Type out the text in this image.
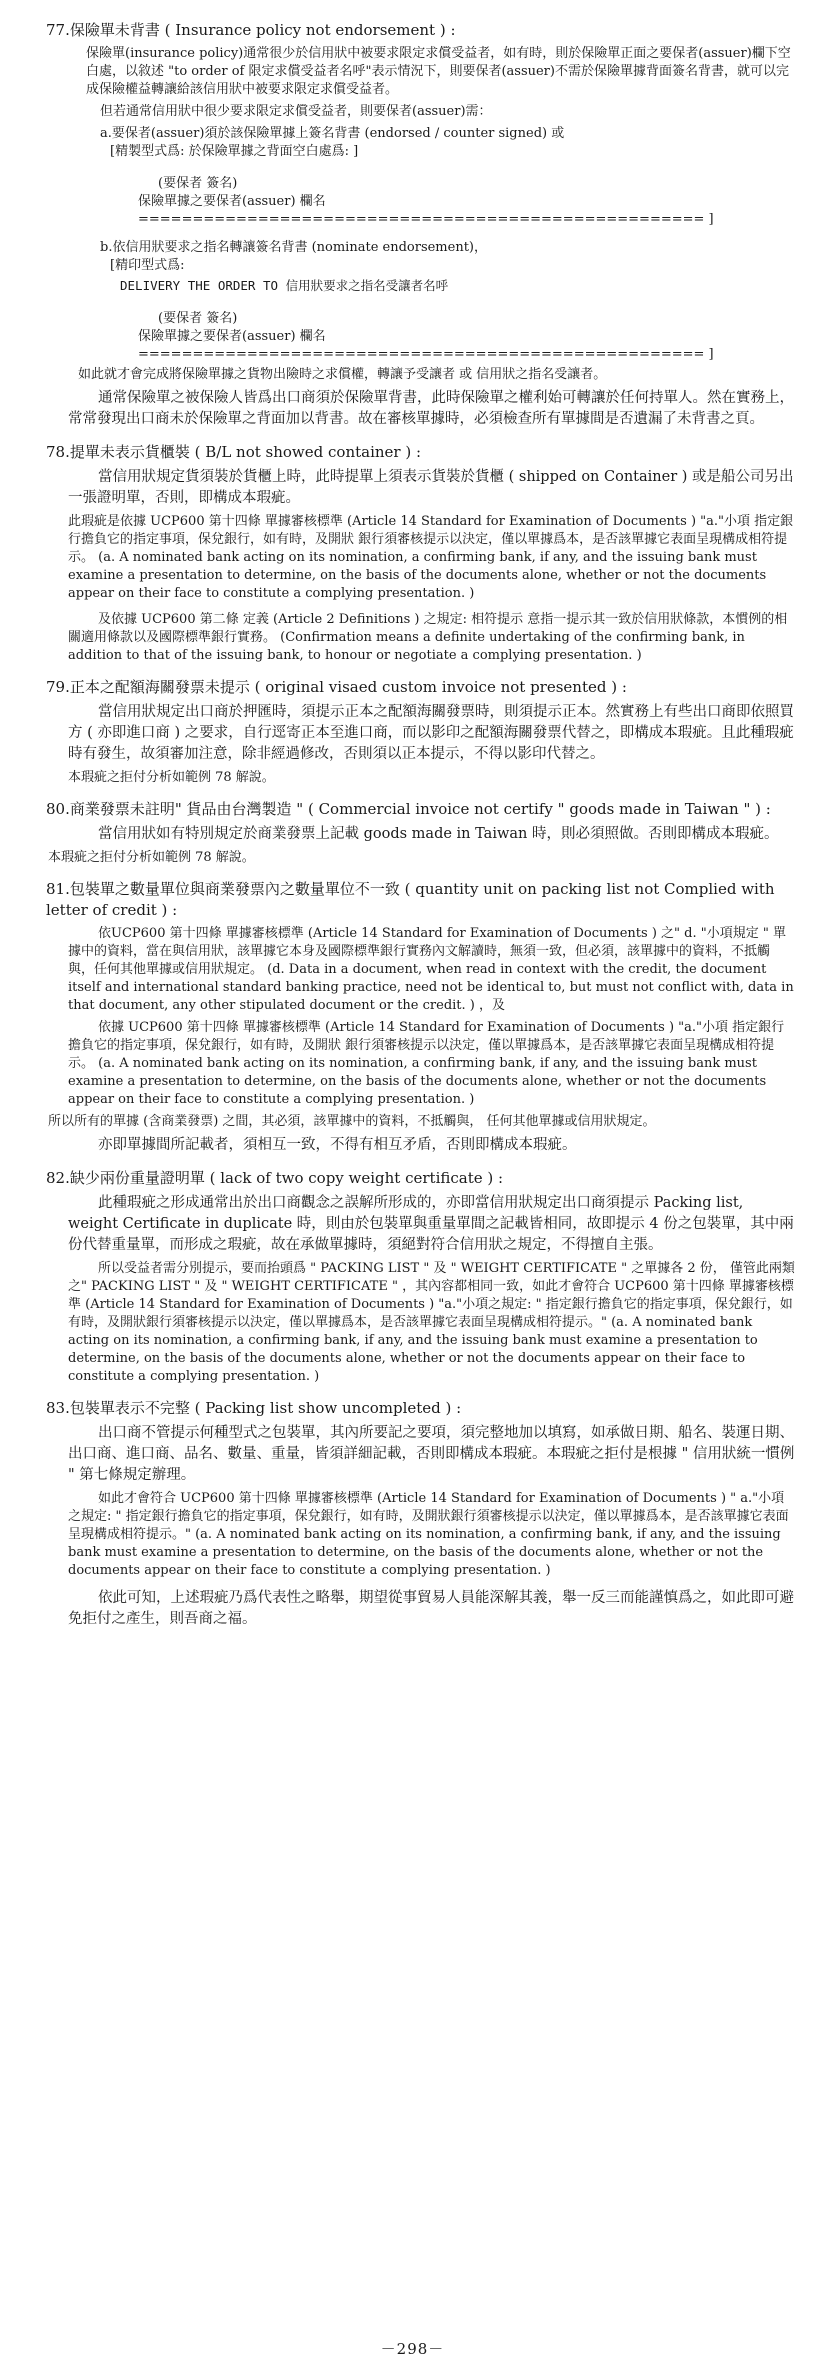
77.保險單未背書 ( Insurance policy not endorsement ) :

保險單(insurance policy)通常很少於信用狀中被要求限定求償受益者，如有時，則於保險單正面之要保者(assuer)欄下空白處，以敘述 "to order of 限定求償受益者名呼"表示情況下，則要保者(assuer)不需於保險單據背面簽名背書，就可以完成保險權益轉讓給該信用狀中被要求限定求償受益者。

但若通常信用狀中很少要求限定求償受益者，則要保者(assuer)需：

a.要保者(assuer)須於該保險單據上簽名背書 (endorsed / counter signed) 或

[精製型式爲: 於保險單據之背面空白處爲: ]

(要保者 簽名)
保險單據之要保者(assuer) 欄名
==================================================== ]

b.依信用狀要求之指名轉讓簽名背書 (nominate endorsement)，

[精印型式爲:

DELIVERY THE ORDER TO 信用狀要求之指名受讓者名呼

(要保者 簽名)
保險單據之要保者(assuer) 欄名
==================================================== ]

如此就才會完成將保險單據之貨物出險時之求償權，轉讓予受讓者 或 信用狀之指名受讓者。

通常保險單之被保險人皆爲出口商須於保險單背書，此時保險單之權利始可轉讓於任何持單人。然在實務上，常常發現出口商未於保險單之背面加以背書。故在審核單據時，必須檢查所有單據間是否遺漏了未背書之頁。

78.提單未表示貨櫃裝 ( B/L not showed container ) :

當信用狀規定貨須裝於貨櫃上時，此時提單上須表示貨裝於貨櫃 ( shipped on Container ) 或是船公司另出一張證明單，否則，即構成本瑕疵。

此瑕疵是依據 UCP600 第十四條 單據審核標準 (Article 14 Standard for Examination of Documents ) "a."小項 指定銀行擔負它的指定事項，保兌銀行，如有時，及開狀 銀行須審核提示以決定，僅以單據爲本，是否該單據它表面呈現構成相符提示。 (a. A nominated bank acting on its nomination, a confirming bank, if any, and the issuing bank must examine a presentation to determine, on the basis of the documents alone, whether or not the documents appear on their face to constitute a complying presentation. )

及依據 UCP600 第二條 定義 (Article 2 Definitions ) 之規定: 相符提示 意指一提示其一致於信用狀條款，本慣例的相關適用條款以及國際標準銀行實務。 (Confirmation means a definite undertaking of the confirming bank, in addition to that of the issuing bank, to honour or negotiate a complying presentation. )

79.正本之配額海關發票未提示 ( original visaed custom invoice not presented ) :

當信用狀規定出口商於押匯時，須提示正本之配額海關發票時，則須提示正本。然實務上有些出口商即依照買方 ( 亦即進口商 ) 之要求，自行逕寄正本至進口商，而以影印之配額海關發票代替之，即構成本瑕疵。且此種瑕疵時有發生，故須審加注意，除非經過修改，否則須以正本提示，不得以影印代替之。

本瑕疵之拒付分析如範例 78 解說。

80.商業發票未註明" 貨品由台灣製造 " ( Commercial invoice not certify " goods made in Taiwan " ) :

當信用狀如有特別規定於商業發票上記載 goods made in Taiwan 時，則必須照做。否則即構成本瑕疵。

本瑕疵之拒付分析如範例 78 解說。

81.包裝單之數量單位與商業發票內之數量單位不一致 ( quantity unit on packing list not Complied with letter of credit ) :

依UCP600 第十四條 單據審核標準 (Article 14 Standard for Examination of Documents ) 之" d. "小項規定 " 單據中的資料，當在與信用狀，該單據它本身及國際標準銀行實務內文解讀時，無須一致，但必須，該單據中的資料，不抵觸與，任何其他單據或信用狀規定。 (d. Data in a document, when read in context with the credit, the document itself and international standard banking practice, need not be identical to, but must not conflict with, data in that document, any other stipulated document or the credit. ) ，及

依據 UCP600 第十四條 單據審核標準 (Article 14 Standard for Examination of Documents ) "a."小項 指定銀行擔負它的指定事項，保兌銀行，如有時，及開狀 銀行須審核提示以決定，僅以單據爲本，是否該單據它表面呈現構成相符提示。 (a. A nominated bank acting on its nomination, a confirming bank, if any, and the issuing bank must examine a presentation to determine, on the basis of the documents alone, whether or not the documents appear on their face to constitute a complying presentation. )

所以所有的單據 (含商業發票) 之間，其必須，該單據中的資料，不抵觸與， 任何其他單據或信用狀規定。

亦即單據間所記載者，須相互一致，不得有相互矛盾，否則即構成本瑕疵。

82.缺少兩份重量證明單 ( lack of two copy weight certificate ) :

此種瑕疵之形成通常出於出口商觀念之誤解所形成的，亦即當信用狀規定出口商須提示 Packing list, weight Certificate in duplicate 時，則由於包裝單與重量單間之記載皆相同，故即提示 4 份之包裝單，其中兩份代替重量單，而形成之瑕疵，故在承做單據時，須絕對符合信用狀之規定，不得擅自主張。

所以受益者需分別提示，要而抬頭爲 " PACKING LIST " 及 " WEIGHT CERTIFICATE " 之單據各 2 份， 僅管此兩類之" PACKING LIST " 及 " WEIGHT CERTIFICATE " ，其內容都相同一致，如此才會符合 UCP600 第十四條 單據審核標準 (Article 14 Standard for Examination of Documents ) "a."小項之規定: " 指定銀行擔負它的指定事項，保兌銀行，如有時，及開狀銀行須審核提示以決定，僅以單據爲本，是否該單據它表面呈現構成相符提示。" (a. A nominated bank acting on its nomination, a confirming bank, if any, and the issuing bank must examine a presentation to determine, on the basis of the documents alone, whether or not the documents appear on their face to constitute a complying presentation. )

83.包裝單表示不完整 ( Packing list show uncompleted ) :

出口商不管提示何種型式之包裝單，其內所要記之要項，須完整地加以填寫，如承做日期、船名、裝運日期、出口商、進口商、品名、數量、重量，皆須詳細記載，否則即構成本瑕疵。本瑕疵之拒付是根據 " 信用狀統一慣例 " 第七條規定辦理。

如此才會符合 UCP600 第十四條 單據審核標準 (Article 14 Standard for Examination of Documents ) " a."小項之規定: " 指定銀行擔負它的指定事項，保兌銀行，如有時，及開狀銀行須審核提示以決定，僅以單據爲本，是否該單據它表面呈現構成相符提示。" (a. A nominated bank acting on its nomination, a confirming bank, if any, and the issuing bank must examine a presentation to determine, on the basis of the documents alone, whether or not the documents appear on their face to constitute a complying presentation. )

依此可知，上述瑕疵乃爲代表性之略舉，期望從事貿易人員能深解其義，舉一反三而能謹慎爲之，如此即可避免拒付之產生，則吾商之福。

－298－
